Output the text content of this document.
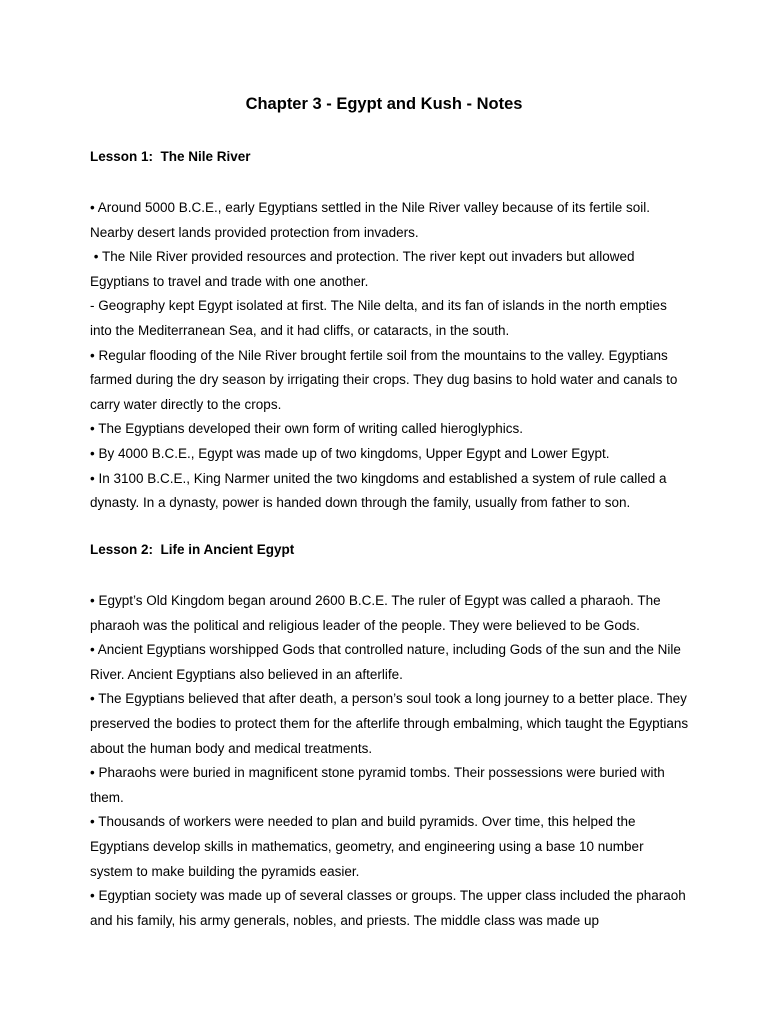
Chapter 3 - Egypt and Kush - Notes
Lesson 1:  The Nile River
• Around 5000 B.C.E., early Egyptians settled in the Nile River valley because of its fertile soil. Nearby desert lands provided protection from invaders.
• The Nile River provided resources and protection. The river kept out invaders but allowed Egyptians to travel and trade with one another.
- Geography kept Egypt isolated at first. The Nile delta, and its fan of islands in the north empties into the Mediterranean Sea, and it had cliffs, or cataracts, in the south.
• Regular flooding of the Nile River brought fertile soil from the mountains to the valley. Egyptians farmed during the dry season by irrigating their crops. They dug basins to hold water and canals to carry water directly to the crops.
• The Egyptians developed their own form of writing called hieroglyphics.
• By 4000 B.C.E., Egypt was made up of two kingdoms, Upper Egypt and Lower Egypt.
• In 3100 B.C.E., King Narmer united the two kingdoms and established a system of rule called a dynasty. In a dynasty, power is handed down through the family, usually from father to son.
Lesson 2:  Life in Ancient Egypt
• Egypt’s Old Kingdom began around 2600 B.C.E. The ruler of Egypt was called a pharaoh. The pharaoh was the political and religious leader of the people. They were believed to be Gods.
• Ancient Egyptians worshipped Gods that controlled nature, including Gods of the sun and the Nile River. Ancient Egyptians also believed in an afterlife.
• The Egyptians believed that after death, a person’s soul took a long journey to a better place. They preserved the bodies to protect them for the afterlife through embalming, which taught the Egyptians about the human body and medical treatments.
• Pharaohs were buried in magnificent stone pyramid tombs. Their possessions were buried with them.
• Thousands of workers were needed to plan and build pyramids. Over time, this helped the Egyptians develop skills in mathematics, geometry, and engineering using a base 10 number system to make building the pyramids easier.
• Egyptian society was made up of several classes or groups. The upper class included the pharaoh and his family, his army generals, nobles, and priests. The middle class was made up
